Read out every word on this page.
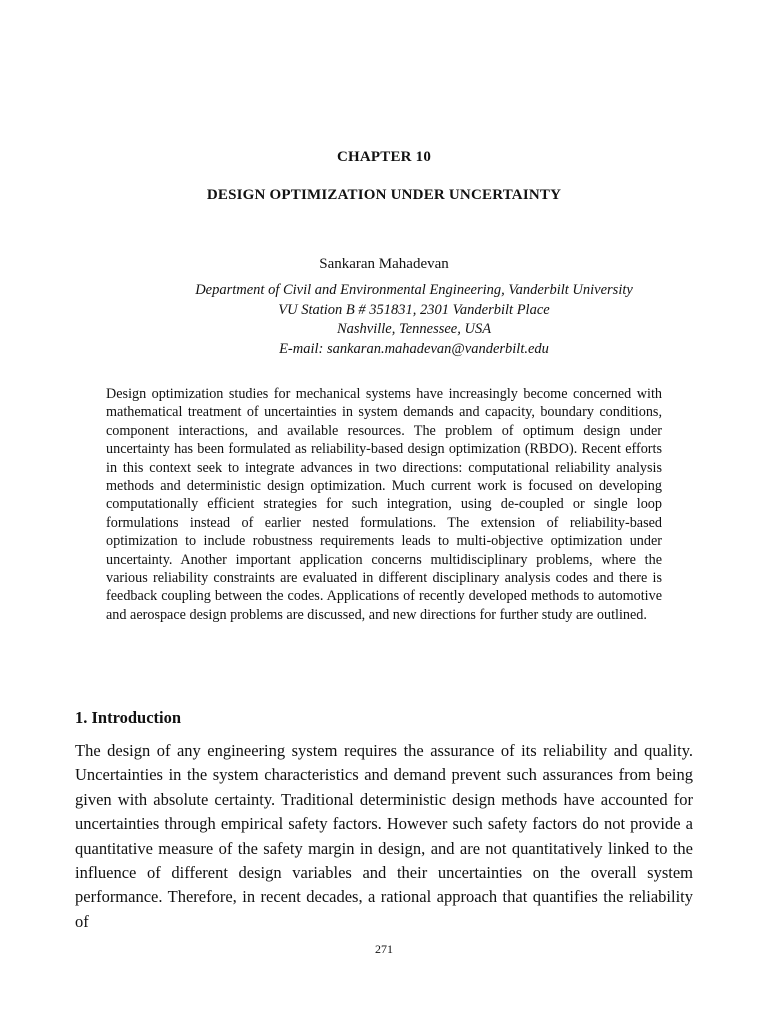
CHAPTER 10
DESIGN OPTIMIZATION UNDER UNCERTAINTY
Sankaran Mahadevan
Department of Civil and Environmental Engineering, Vanderbilt University
VU Station B # 351831, 2301 Vanderbilt Place
Nashville, Tennessee, USA
E-mail: sankaran.mahadevan@vanderbilt.edu
Design optimization studies for mechanical systems have increasingly become concerned with mathematical treatment of uncertainties in system demands and capacity, boundary conditions, component interactions, and available resources. The problem of optimum design under uncertainty has been formulated as reliability-based design optimization (RBDO). Recent efforts in this context seek to integrate advances in two directions: computational reliability analysis methods and deterministic design optimization. Much current work is focused on developing computationally efficient strategies for such integration, using de-coupled or single loop formulations instead of earlier nested formulations. The extension of reliability-based optimization to include robustness requirements leads to multi-objective optimization under uncertainty. Another important application concerns multidisciplinary problems, where the various reliability constraints are evaluated in different disciplinary analysis codes and there is feedback coupling between the codes. Applications of recently developed methods to automotive and aerospace design problems are discussed, and new directions for further study are outlined.
1. Introduction
The design of any engineering system requires the assurance of its reliability and quality. Uncertainties in the system characteristics and demand prevent such assurances from being given with absolute certainty. Traditional deterministic design methods have accounted for uncertainties through empirical safety factors. However such safety factors do not provide a quantitative measure of the safety margin in design, and are not quantitatively linked to the influence of different design variables and their uncertainties on the overall system performance. Therefore, in recent decades, a rational approach that quantifies the reliability of
271
